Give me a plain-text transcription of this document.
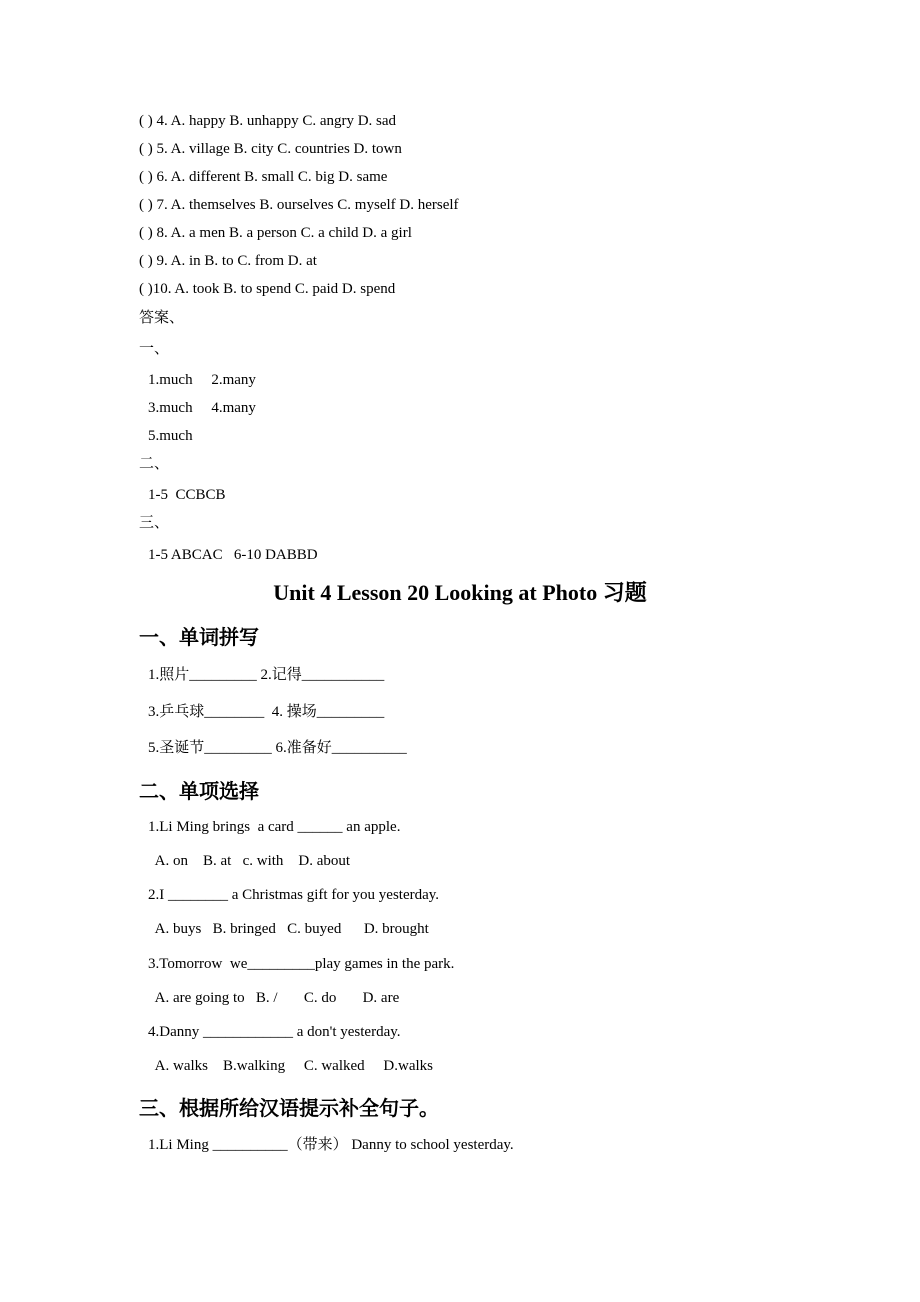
( ) 4. A. happy B. unhappy C. angry D. sad
( ) 5. A. village B. city C. countries D. town
( ) 6. A. different B. small C. big D. same
( ) 7. A. themselves B. ourselves C. myself D. herself
( ) 8. A. a men B. a person C. a child D. a girl
( ) 9. A. in B. to C. from D. at
( )10. A. took B. to spend C. paid D. spend
答案、
一、
1.much     2.many
3.much     4.many
5.much
二、
1-5  CCBCB
三、
1-5 ABCAC   6-10 DABBD
Unit 4 Lesson 20 Looking at Photo 习题
一、单词拼写
1.照片_________ 2.记得___________
3.乒乓球________  4. 操场_________
5.圣诞节_________ 6.准备好__________
二、单项选择
1.Li Ming brings  a card ______ an apple.
A. on    B. at   c. with    D. about
2.I ________ a Christmas gift for you yesterday.
A. buys   B. bringed   C. buyed      D. brought
3.Tomorrow  we_________play games in the park.
A. are going to   B. /       C. do       D. are
4.Danny ____________ a don't yesterday.
A. walks    B.walking     C. walked     D.walks
三、根据所给汉语提示补全句子。
1.Li Ming __________（带来） Danny to school yesterday.
